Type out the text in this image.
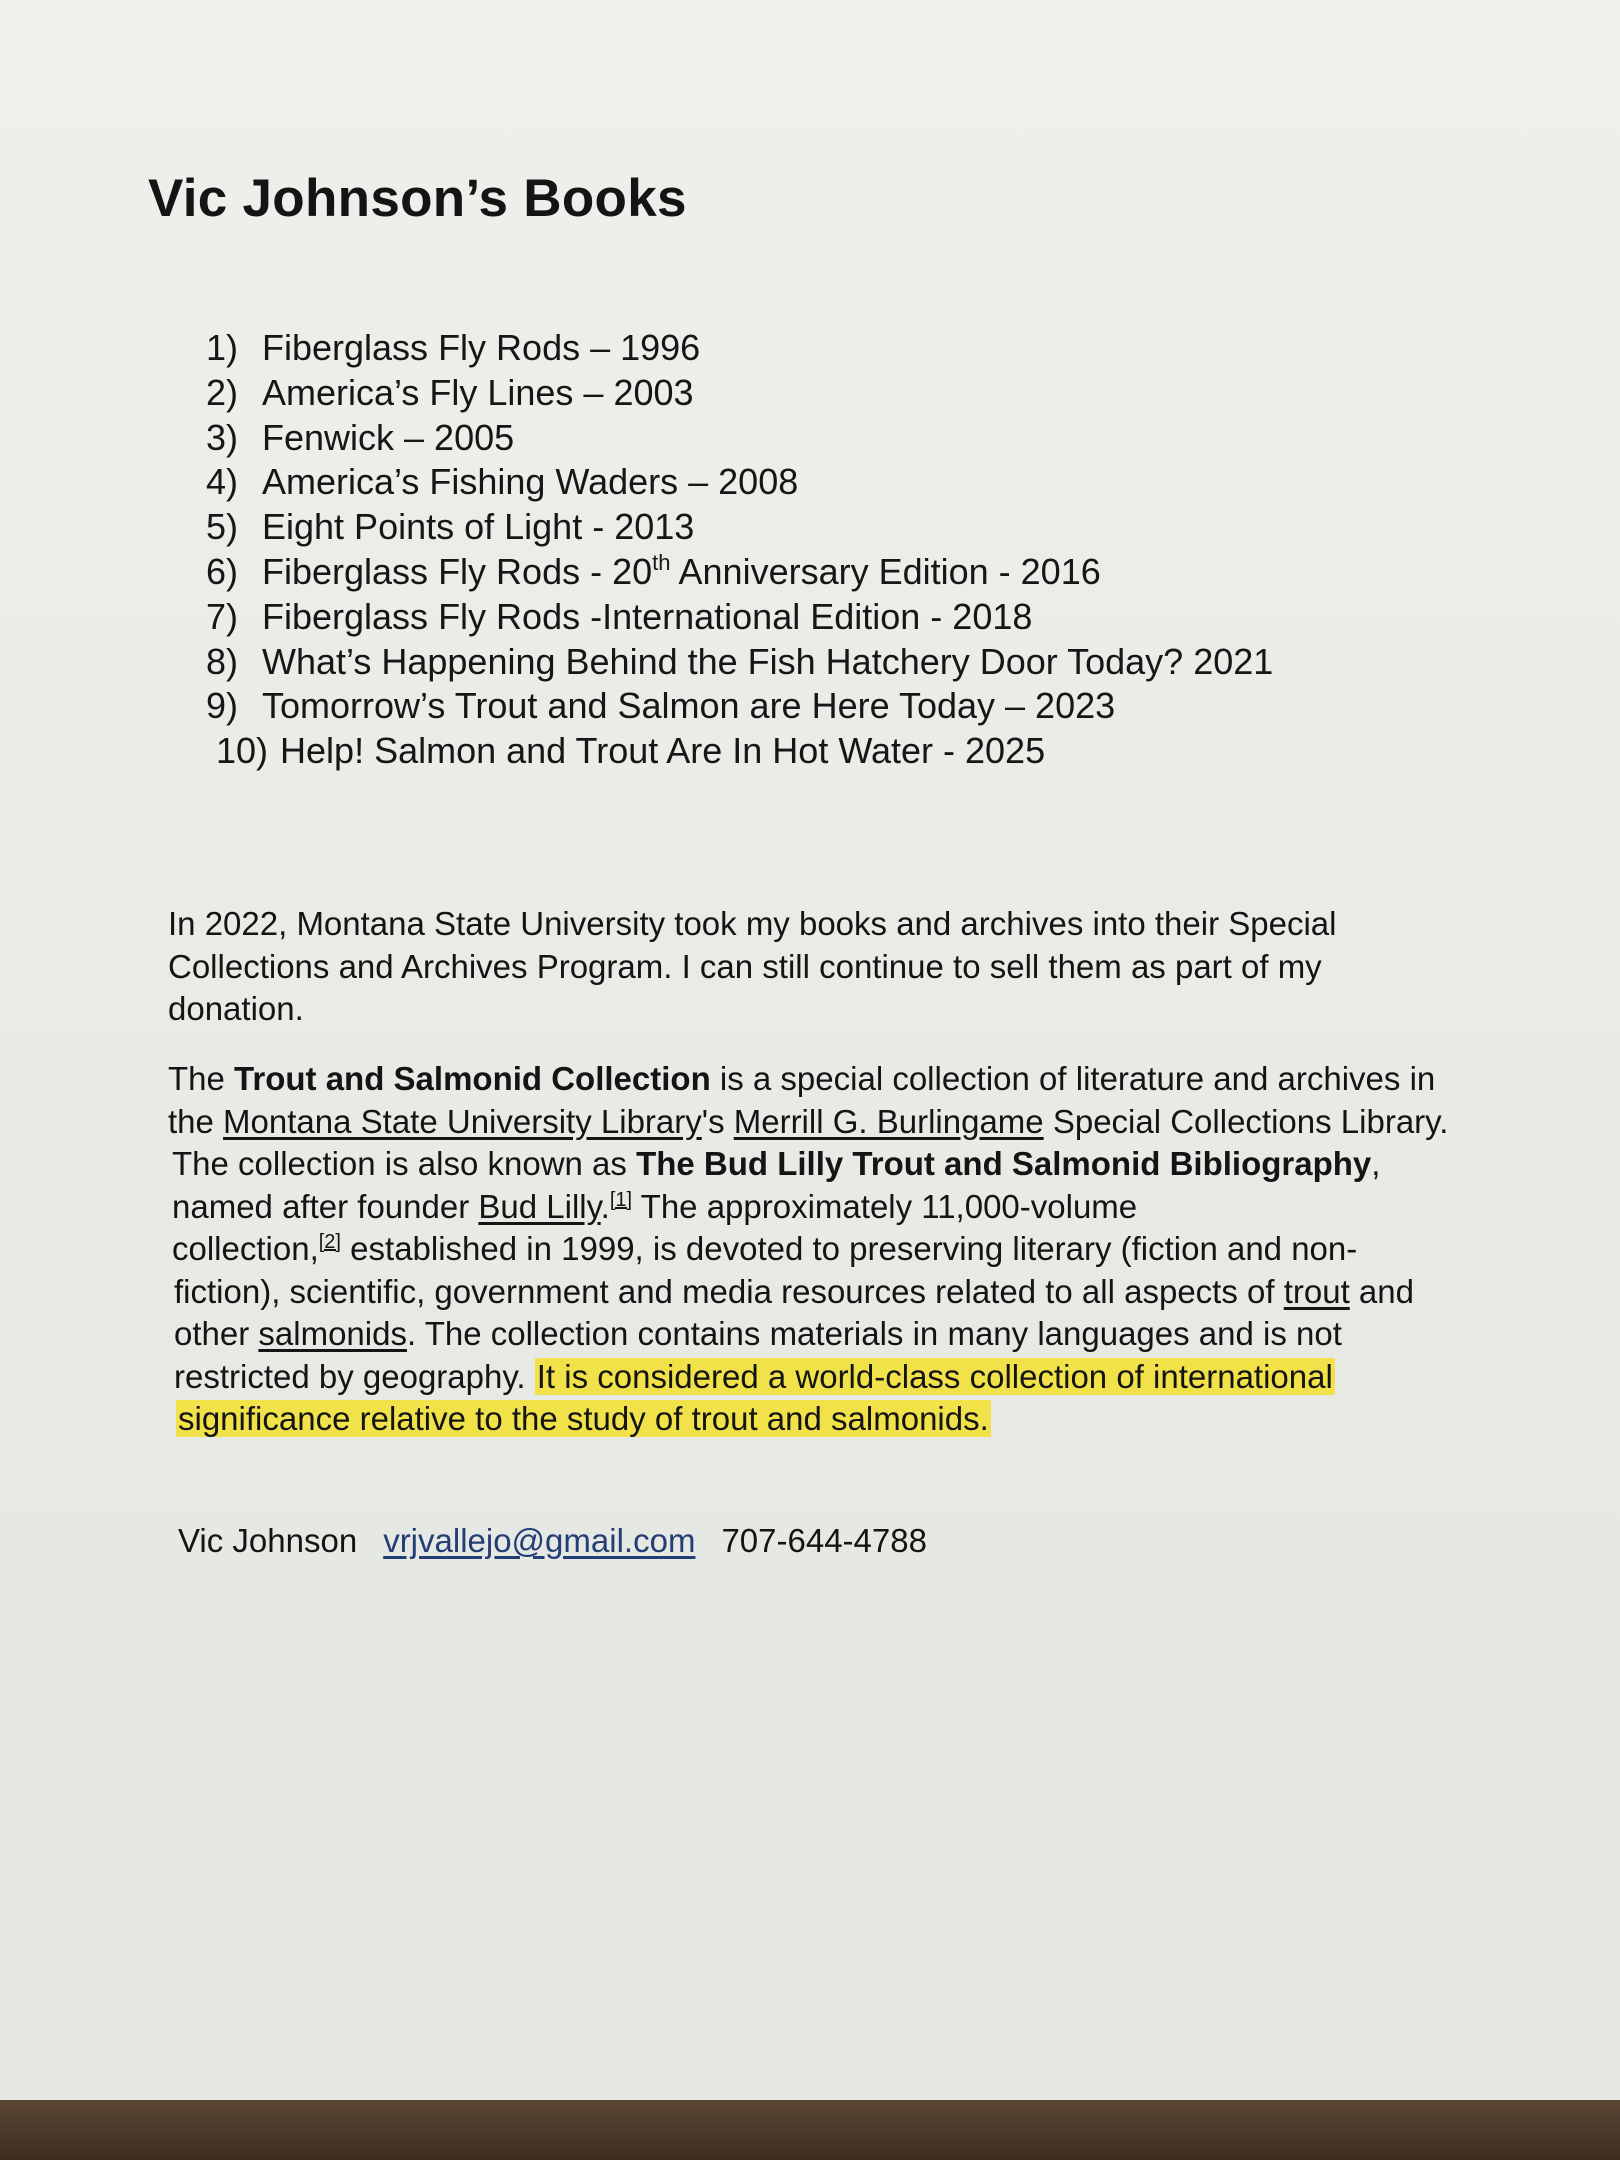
Vic Johnson’s Books
1) Fiberglass Fly Rods – 1996
2) America’s Fly Lines – 2003
3) Fenwick – 2005
4) America’s Fishing Waders – 2008
5) Eight Points of Light - 2013
6) Fiberglass Fly Rods - 20th Anniversary Edition - 2016
7) Fiberglass Fly Rods -International Edition - 2018
8) What’s Happening Behind the Fish Hatchery Door Today? 2021
9) Tomorrow’s Trout and Salmon are Here Today – 2023
10) Help! Salmon and Trout Are In Hot Water - 2025

In 2022, Montana State University took my books and archives into their Special
Collections and Archives Program. I can still continue to sell them as part of my
donation.

The Trout and Salmonid Collection is a special collection of literature and archives in
the Montana State University Library's Merrill G. Burlingame Special Collections Library.
The collection is also known as The Bud Lilly Trout and Salmonid Bibliography,
named after founder Bud Lilly.[1] The approximately 11,000-volume
collection,[2] established in 1999, is devoted to preserving literary (fiction and non-
fiction), scientific, government and media resources related to all aspects of trout and
other salmonids. The collection contains materials in many languages and is not
restricted by geography. It is considered a world-class collection of international
significance relative to the study of trout and salmonids.

Vic Johnson vrjvallejo@gmail.com 707-644-4788
